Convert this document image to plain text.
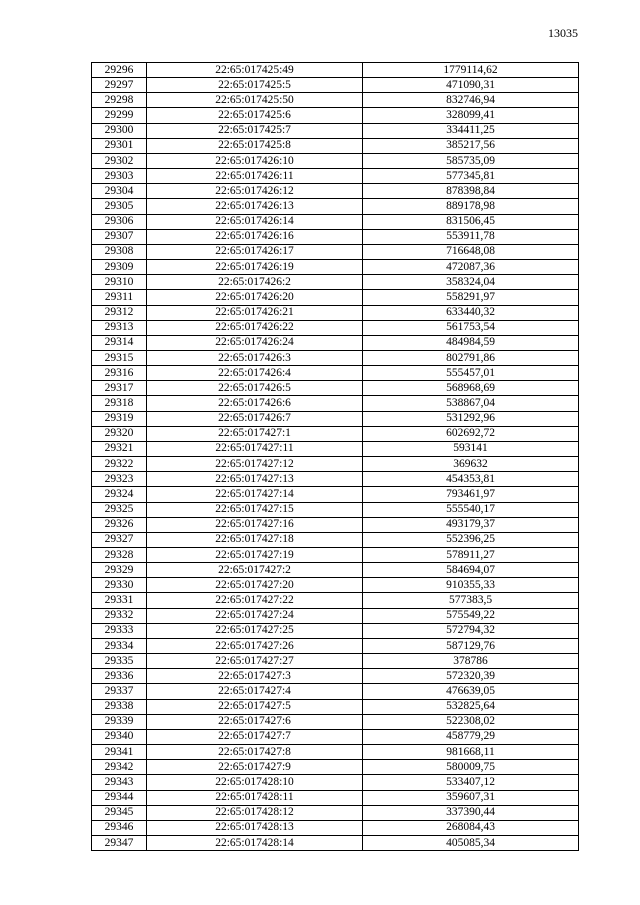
13035
29296	22:65:017425:49	1779114,62
29297	22:65:017425:5	471090,31
29298	22:65:017425:50	832746,94
29299	22:65:017425:6	328099,41
29300	22:65:017425:7	334411,25
29301	22:65:017425:8	385217,56
29302	22:65:017426:10	585735,09
29303	22:65:017426:11	577345,81
29304	22:65:017426:12	878398,84
29305	22:65:017426:13	889178,98
29306	22:65:017426:14	831506,45
29307	22:65:017426:16	553911,78
29308	22:65:017426:17	716648,08
29309	22:65:017426:19	472087,36
29310	22:65:017426:2	358324,04
29311	22:65:017426:20	558291,97
29312	22:65:017426:21	633440,32
29313	22:65:017426:22	561753,54
29314	22:65:017426:24	484984,59
29315	22:65:017426:3	802791,86
29316	22:65:017426:4	555457,01
29317	22:65:017426:5	568968,69
29318	22:65:017426:6	538867,04
29319	22:65:017426:7	531292,96
29320	22:65:017427:1	602692,72
29321	22:65:017427:11	593141
29322	22:65:017427:12	369632
29323	22:65:017427:13	454353,81
29324	22:65:017427:14	793461,97
29325	22:65:017427:15	555540,17
29326	22:65:017427:16	493179,37
29327	22:65:017427:18	552396,25
29328	22:65:017427:19	578911,27
29329	22:65:017427:2	584694,07
29330	22:65:017427:20	910355,33
29331	22:65:017427:22	577383,5
29332	22:65:017427:24	575549,22
29333	22:65:017427:25	572794,32
29334	22:65:017427:26	587129,76
29335	22:65:017427:27	378786
29336	22:65:017427:3	572320,39
29337	22:65:017427:4	476639,05
29338	22:65:017427:5	532825,64
29339	22:65:017427:6	522308,02
29340	22:65:017427:7	458779,29
29341	22:65:017427:8	981668,11
29342	22:65:017427:9	580009,75
29343	22:65:017428:10	533407,12
29344	22:65:017428:11	359607,31
29345	22:65:017428:12	337390,44
29346	22:65:017428:13	268084,43
29347	22:65:017428:14	405085,34
